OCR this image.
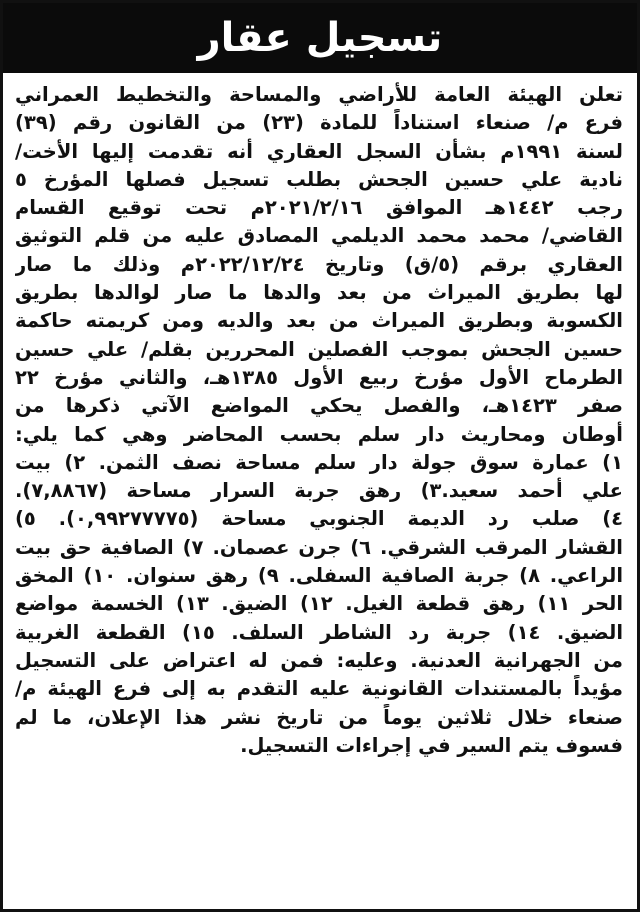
تسجيل عقار
تعلن الهيئة العامة للأراضي والمساحة والتخطيط العمراني
فرع م/ صنعاء استناداً للمادة (٢٣) من القانون رقم (٣٩)
لسنة ١٩٩١م بشأن السجل العقاري أنه تقدمت إليها الأخت/
نادية علي حسين الجحش بطلب تسجيل فصلها المؤرخ ٥
رجب ١٤٤٢هـ الموافق ٢٠٢١/٢/١٦م تحت توقيع القسام
القاضي/ محمد محمد الديلمي المصادق عليه من قلم التوثيق
العقاري برقم (٥/ق) وتاريخ ٢٠٢٢/١٢/٢٤م وذلك ما صار
لها بطريق الميراث من بعد والدها ما صار لوالدها بطريق
الكسوبة وبطريق الميراث من بعد والديه ومن كريمته حاكمة
حسين الجحش بموجب الفصلين المحررين بقلم/ علي حسين
الطرماح الأول مؤرخ ربيع الأول ١٣٨٥هـ، والثاني مؤرخ ٢٢
صفر ١٤٢٣هـ، والفصل يحكي المواضع الآتي ذكرها من
أوطان ومحاريث دار سلم بحسب المحاضر وهي كما يلي:
١) عمارة سوق جولة دار سلم مساحة نصف الثمن. ٢) بيت
علي أحمد سعيد.٣) رهق جربة السرار مساحة (٧,٨٨٦٧).
٤) صلب رد الديمة الجنوبي مساحة (٠,٩٩٢٧٧٧٧٥). ٥)
القشار المرقب الشرقي. ٦) جرن عصمان. ٧) الصافية حق بيت
الراعي. ٨) جربة الصافية السفلى. ٩) رهق سنوان. ١٠) المخق
الحر ١١) رهق قطعة الغيل. ١٢) الضيق. ١٣) الخسمة مواضع
الضيق. ١٤) جربة رد الشاطر السلف. ١٥) القطعة الغربية
من الجهرانية العدنية. وعليه: فمن له اعتراض على التسجيل
مؤيداً بالمستندات القانونية عليه التقدم به إلى فرع الهيئة م/
صنعاء خلال ثلاثين يوماً من تاريخ نشر هذا الإعلان، ما لم
فسوف يتم السير في إجراءات التسجيل.
